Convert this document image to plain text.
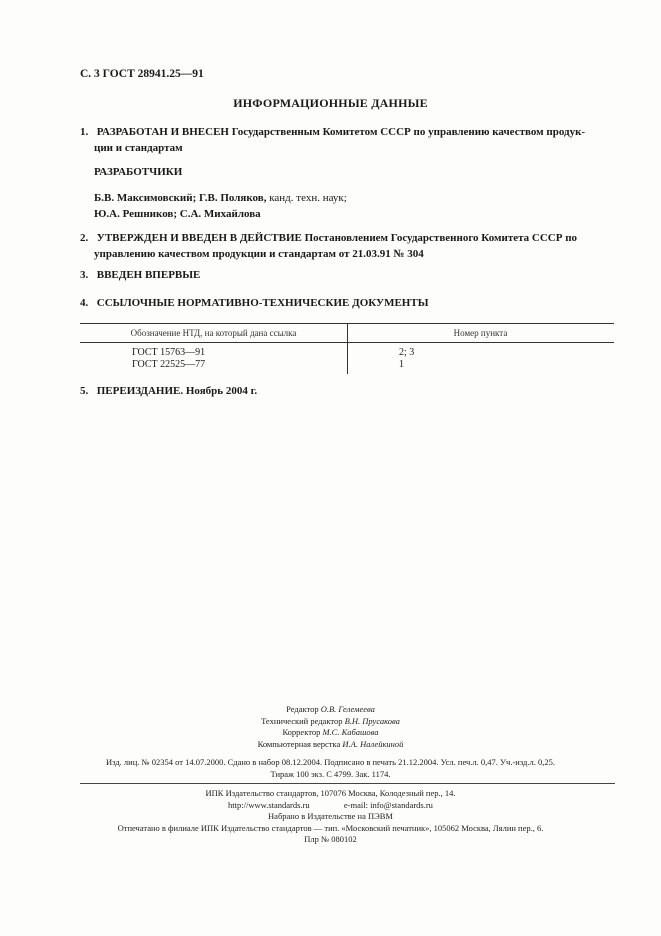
С. 3 ГОСТ 28941.25—91
ИНФОРМАЦИОННЫЕ ДАННЫЕ
1. РАЗРАБОТАН И ВНЕСЕН Государственным Комитетом СССР по управлению качеством продук-
ции и стандартам
РАЗРАБОТЧИКИ
Б.В. Максимовский; Г.В. Поляков, канд. техн. наук;
Ю.А. Решников; С.А. Михайлова
2. УТВЕРЖДЕН И ВВЕДЕН В ДЕЙСТВИЕ Постановлением Государственного Комитета СССР по
управлению качеством продукции и стандартам от 21.03.91 № 304
3. ВВЕДЕН ВПЕРВЫЕ
4. ССЫЛОЧНЫЕ НОРМАТИВНО-ТЕХНИЧЕСКИЕ ДОКУМЕНТЫ
Обозначение НТД, на который дана ссылка	Номер пункта
ГОСТ 15763—91	2; 3
ГОСТ 22525—77	1
5. ПЕРЕИЗДАНИЕ. Ноябрь 2004 г.
Редактор О.В. Гелемеева
Технический редактор В.Н. Прусакова
Корректор М.С. Кабашова
Компьютерная верстка И.А. Налейкиной
Изд. лиц. № 02354 от 14.07.2000. Сдано в набор 08.12.2004. Подписано в печать 21.12.2004. Усл. печ.л. 0,47. Уч.-изд.л. 0,25.
Тираж 100 экз. С 4799. Зак. 1174.
ИПК Издательство стандартов, 107076 Москва, Колодезный пер., 14.
http://www.standards.ru	e-mail: info@standards.ru
Набрано в Издательстве на ПЭВМ
Отпечатано в филиале ИПК Издательство стандартов — тип. «Московский печатник», 105062 Москва, Лялин пер., 6.
Плр № 080102
